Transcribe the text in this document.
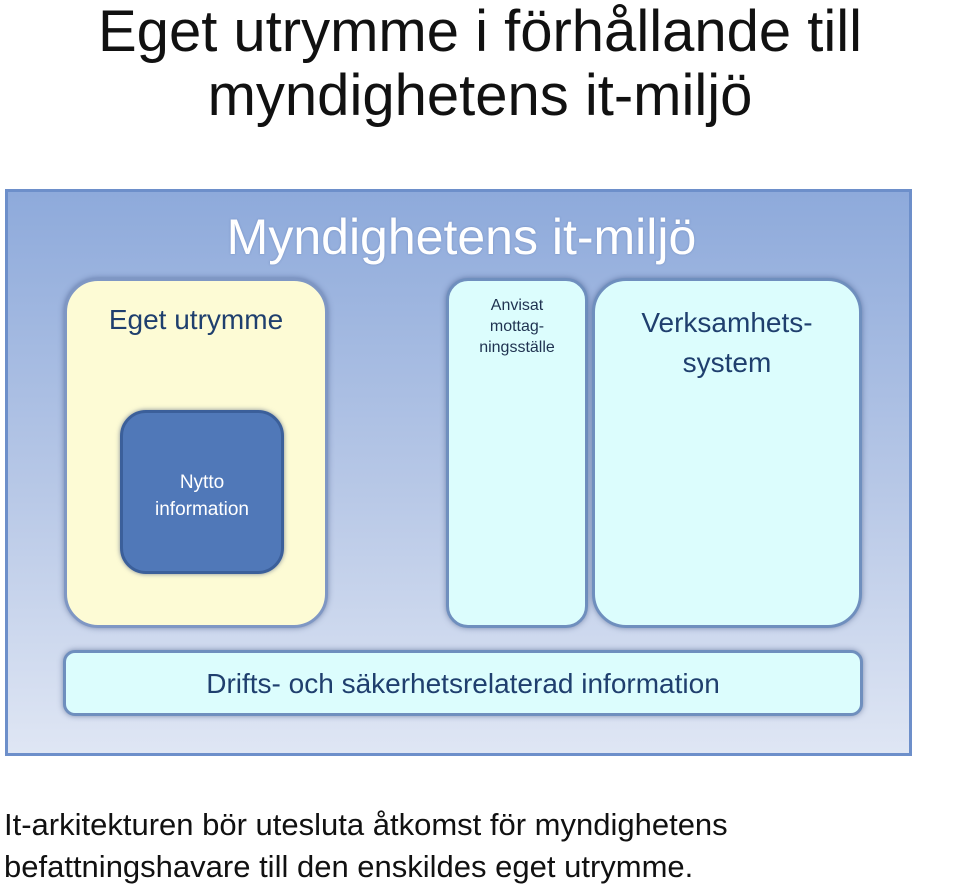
Eget utrymme i förhållande till
myndighetens it-miljö
Myndighetens it-miljö
Eget utrymme
Nytto
information
Anvisat
mottag-
ningsställe
Verksamhets-
system
Drifts- och säkerhetsrelaterad information

It-arkitekturen bör utesluta åtkomst för myndighetens
befattningshavare till den enskildes eget utrymme.
